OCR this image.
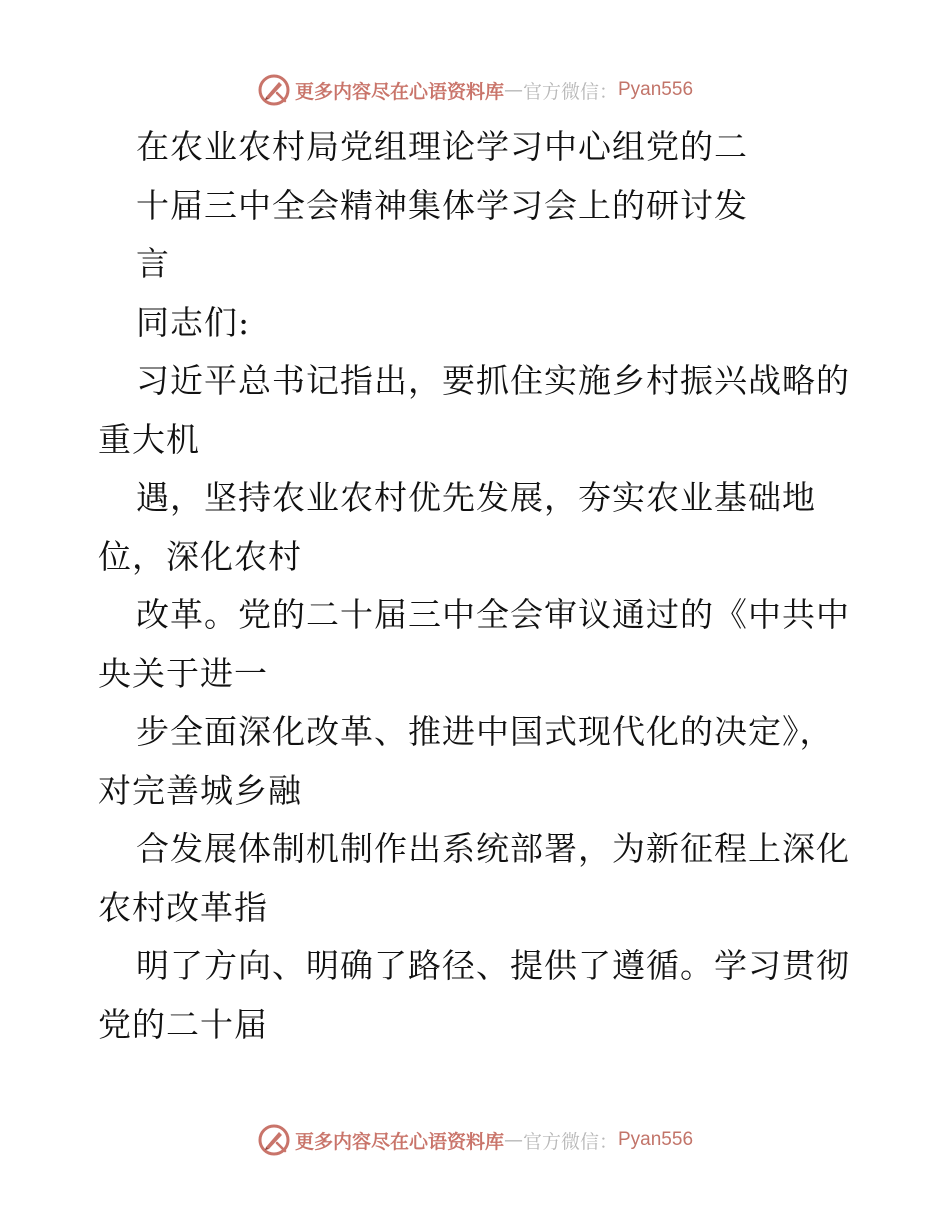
更多内容尽在心语资料库 — 官方微信： Pyan556
在农业农村局党组理论学习中心组党的二
十届三中全会精神集体学习会上的研讨发
言
同志们:
习近平总书记指出，要抓住实施乡村振兴战略的
重大机
遇，坚持农业农村优先发展，夯实农业基础地
位，深化农村
改革。党的二十届三中全会审议通过的《中共中
央关于进一
步全面深化改革、推进中国式现代化的决定》，
对完善城乡融
合发展体制机制作出系统部署，为新征程上深化
农村改革指
明了方向、明确了路径、提供了遵循。学习贯彻
党的二十届
更多内容尽在心语资料库 — 官方微信： Pyan556
